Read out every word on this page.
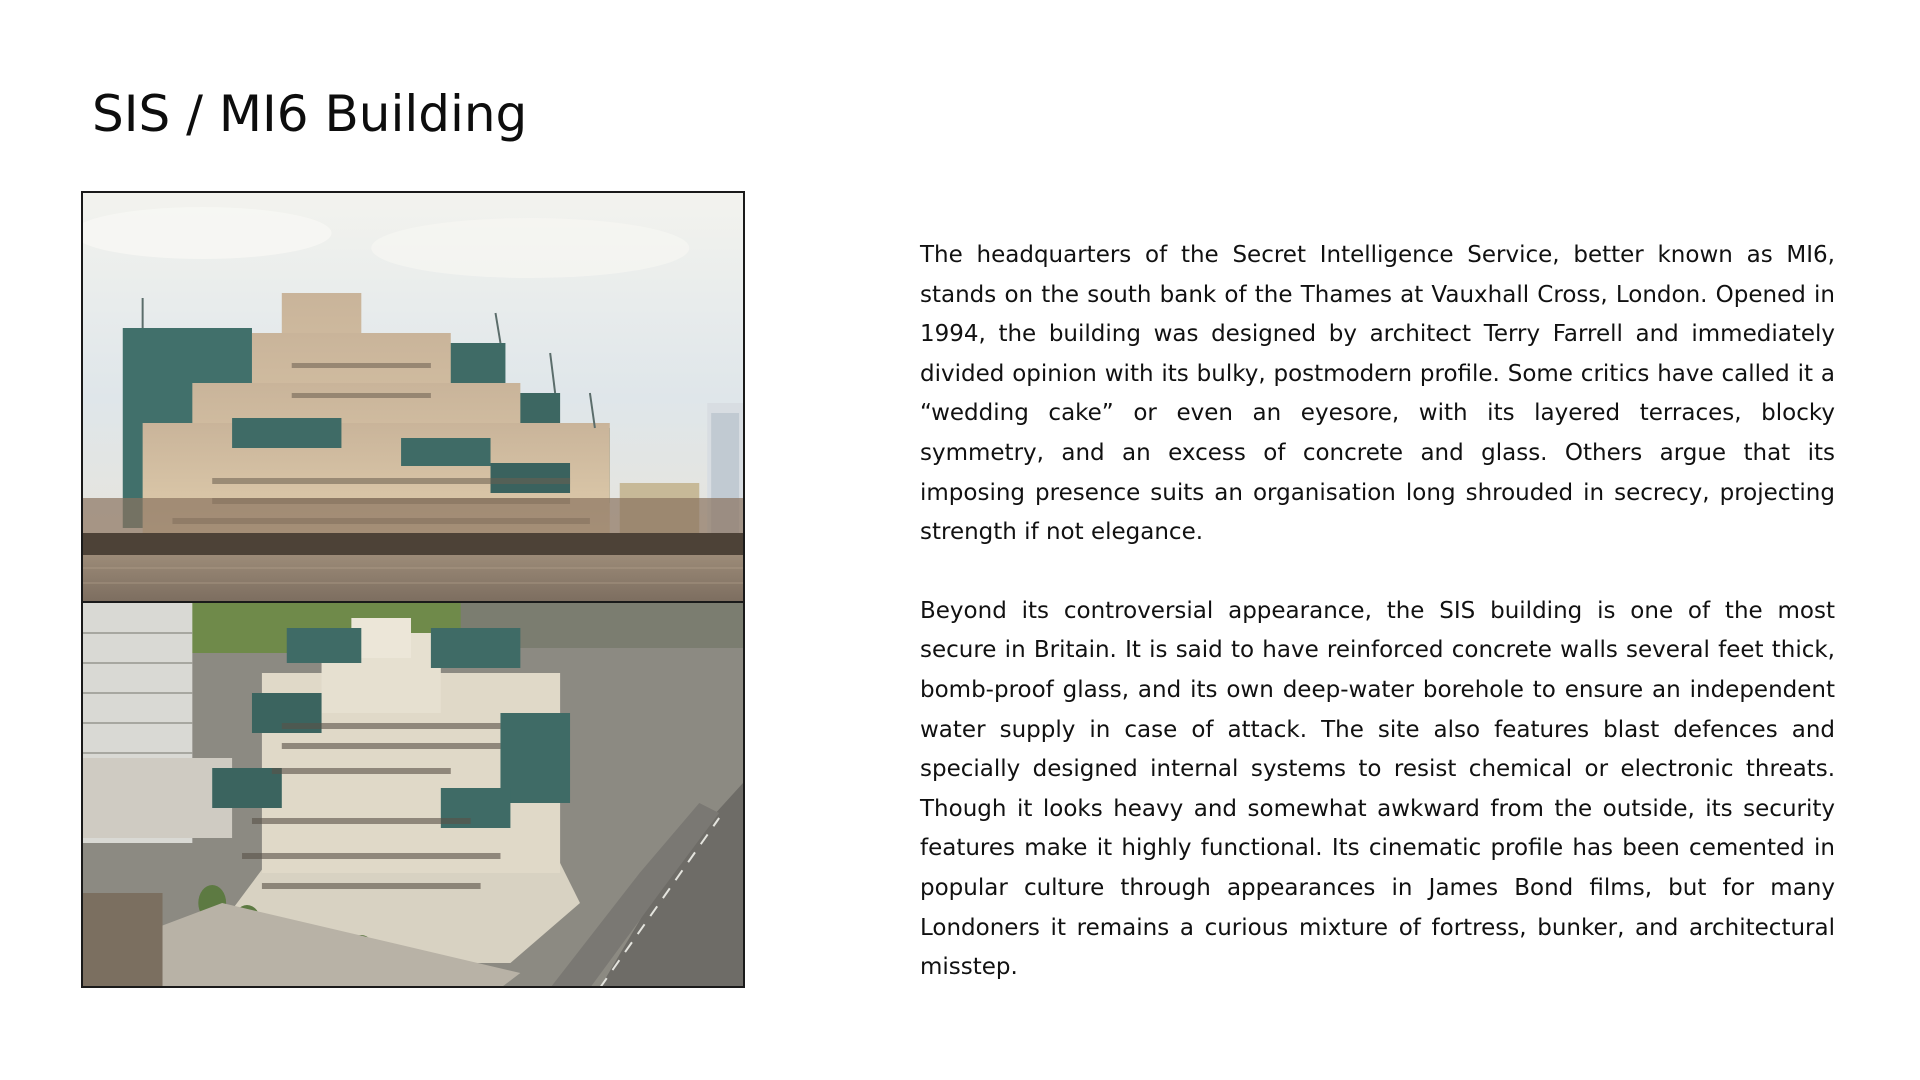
SIS / MI6 Building

The headquarters of the Secret Intelligence Service, better known as MI6, stands on the south bank of the Thames at Vauxhall Cross, London. Opened in 1994, the building was designed by architect Terry Farrell and immediately divided opinion with its bulky, postmodern profile. Some critics have called it a “wedding cake” or even an eyesore, with its layered terraces, blocky symmetry, and an excess of concrete and glass. Others argue that its imposing presence suits an organisation long shrouded in secrecy, projecting strength if not elegance.

Beyond its controversial appearance, the SIS building is one of the most secure in Britain. It is said to have reinforced concrete walls several feet thick, bomb-proof glass, and its own deep-water borehole to ensure an independent water supply in case of attack. The site also features blast defences and specially designed internal systems to resist chemical or electronic threats. Though it looks heavy and somewhat awkward from the outside, its security features make it highly functional. Its cinematic profile has been cemented in popular culture through appearances in James Bond films, but for many Londoners it remains a curious mixture of fortress, bunker, and architectural misstep.
